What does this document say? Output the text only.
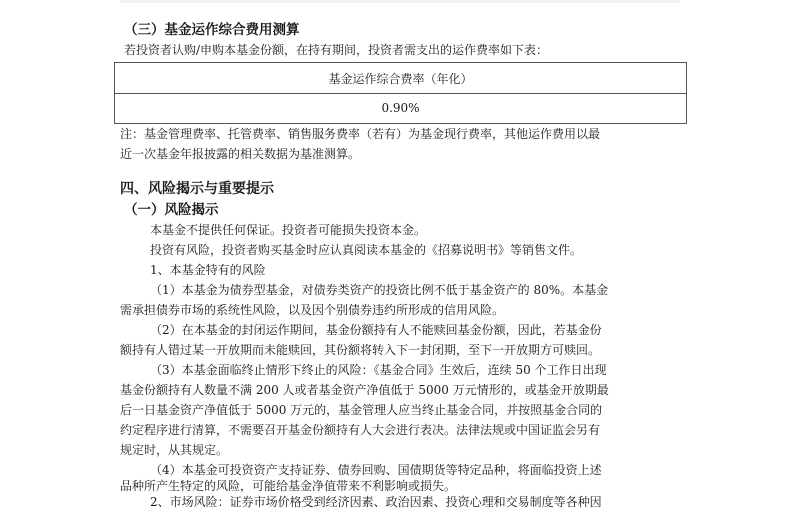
（三）基金运作综合费用测算
若投资者认购/申购本基金份额，在持有期间，投资者需支出的运作费率如下表：
基金运作综合费率（年化）
0.90%
注：基金管理费率、托管费率、销售服务费率（若有）为基金现行费率，其他运作费用以最
近一次基金年报披露的相关数据为基准测算。
四、风险揭示与重要提示
（一）风险揭示
本基金不提供任何保证。投资者可能损失投资本金。
投资有风险，投资者购买基金时应认真阅读本基金的《招募说明书》等销售文件。
1、本基金特有的风险
（1）本基金为债券型基金，对债券类资产的投资比例不低于基金资产的 80%。本基金
需承担债券市场的系统性风险，以及因个别债券违约所形成的信用风险。
（2）在本基金的封闭运作期间，基金份额持有人不能赎回基金份额，因此，若基金份
额持有人错过某一开放期而未能赎回，其份额将转入下一封闭期，至下一开放期方可赎回。
（3）本基金面临终止情形下终止的风险：《基金合同》生效后，连续 50 个工作日出现
基金份额持有人数量不满 200 人或者基金资产净值低于 5000 万元情形的，或基金开放期最
后一日基金资产净值低于 5000 万元的，基金管理人应当终止基金合同，并按照基金合同的
约定程序进行清算，不需要召开基金份额持有人大会进行表决。法律法规或中国证监会另有
规定时，从其规定。
（4）本基金可投资资产支持证券、债券回购、国债期货等特定品种，将面临投资上述
品种所产生特定的风险，可能给基金净值带来不利影响或损失。
2、市场风险：证券市场价格受到经济因素、政治因素、投资心理和交易制度等各种因
